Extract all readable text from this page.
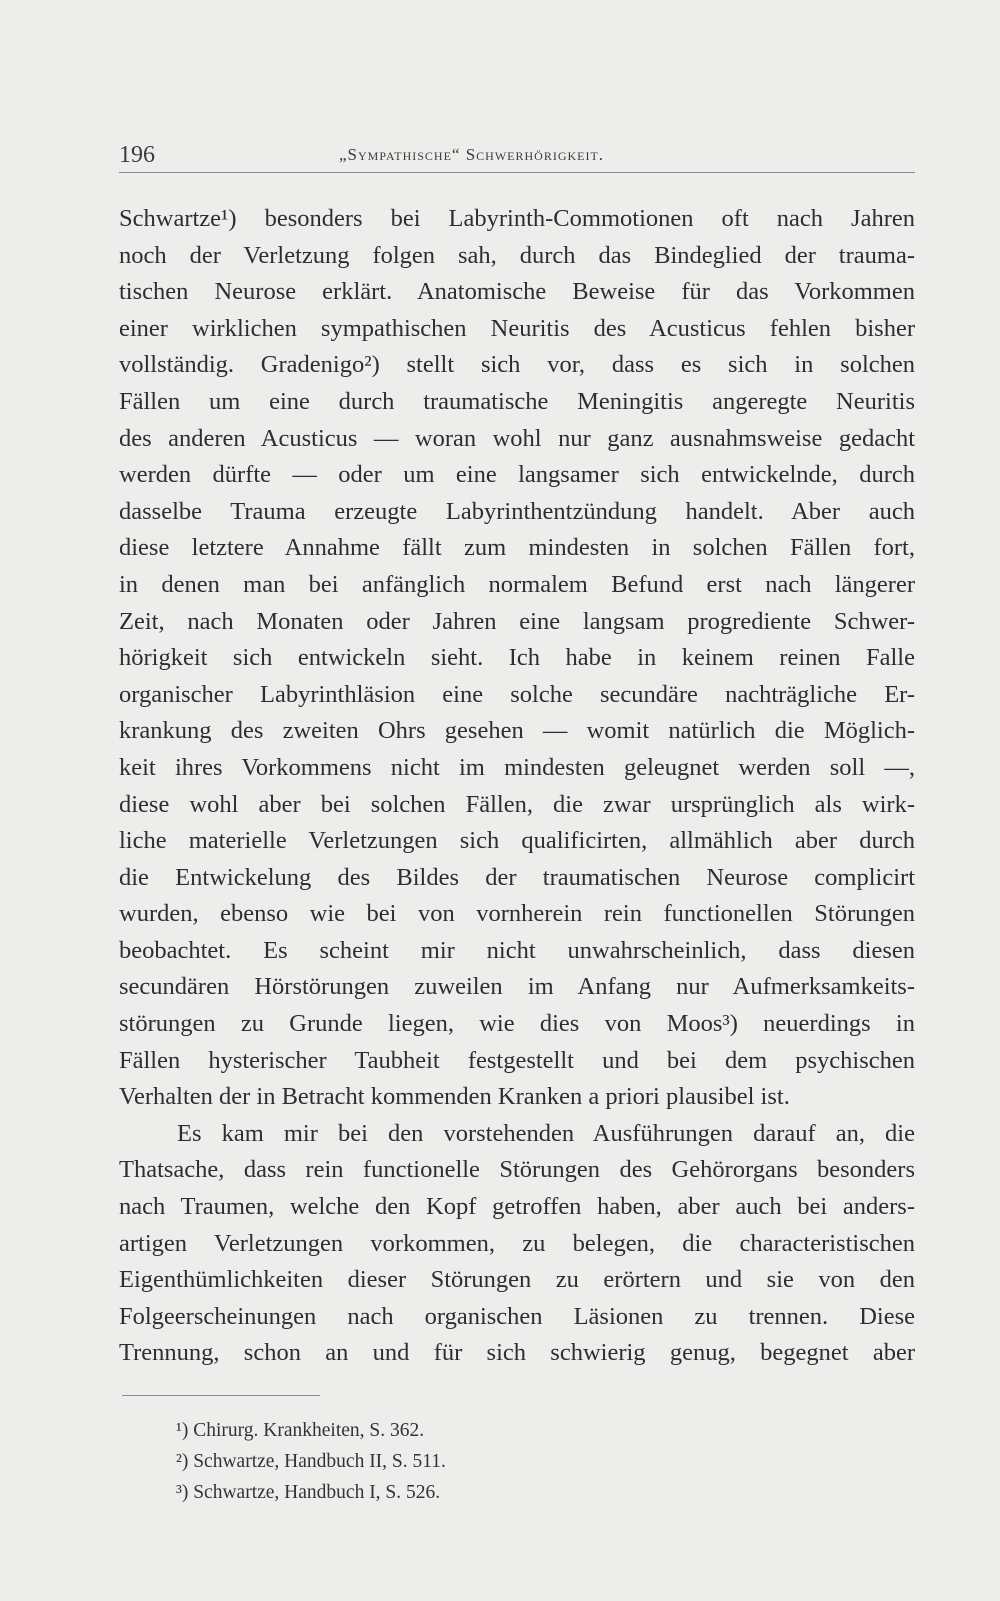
196	„Sympathische“ Schwerhörigkeit.
Schwartze¹) besonders bei Labyrinth-Commotionen oft nach Jahren
noch der Verletzung folgen sah, durch das Bindeglied der trauma-
tischen Neurose erklärt. Anatomische Beweise für das Vorkommen
einer wirklichen sympathischen Neuritis des Acusticus fehlen bisher
vollständig. Gradenigo²) stellt sich vor, dass es sich in solchen
Fällen um eine durch traumatische Meningitis angeregte Neuritis
des anderen Acusticus — woran wohl nur ganz ausnahmsweise gedacht
werden dürfte — oder um eine langsamer sich entwickelnde, durch
dasselbe Trauma erzeugte Labyrinthentzündung handelt. Aber auch
diese letztere Annahme fällt zum mindesten in solchen Fällen fort,
in denen man bei anfänglich normalem Befund erst nach längerer
Zeit, nach Monaten oder Jahren eine langsam progrediente Schwer-
hörigkeit sich entwickeln sieht. Ich habe in keinem reinen Falle
organischer Labyrinthläsion eine solche secundäre nachträgliche Er-
krankung des zweiten Ohrs gesehen — womit natürlich die Möglich-
keit ihres Vorkommens nicht im mindesten geleugnet werden soll —,
diese wohl aber bei solchen Fällen, die zwar ursprünglich als wirk-
liche materielle Verletzungen sich qualificirten, allmählich aber durch
die Entwickelung des Bildes der traumatischen Neurose complicirt
wurden, ebenso wie bei von vornherein rein functionellen Störungen
beobachtet. Es scheint mir nicht unwahrscheinlich, dass diesen
secundären Hörstörungen zuweilen im Anfang nur Aufmerksamkeits-
störungen zu Grunde liegen, wie dies von Moos³) neuerdings in
Fällen hysterischer Taubheit festgestellt und bei dem psychischen
Verhalten der in Betracht kommenden Kranken a priori plausibel ist.
Es kam mir bei den vorstehenden Ausführungen darauf an, die
Thatsache, dass rein functionelle Störungen des Gehörorgans besonders
nach Traumen, welche den Kopf getroffen haben, aber auch bei anders-
artigen Verletzungen vorkommen, zu belegen, die characteristischen
Eigenthümlichkeiten dieser Störungen zu erörtern und sie von den
Folgeerscheinungen nach organischen Läsionen zu trennen. Diese
Trennung, schon an und für sich schwierig genug, begegnet aber
¹) Chirurg. Krankheiten, S. 362.
²) Schwartze, Handbuch II, S. 511.
³) Schwartze, Handbuch I, S. 526.
